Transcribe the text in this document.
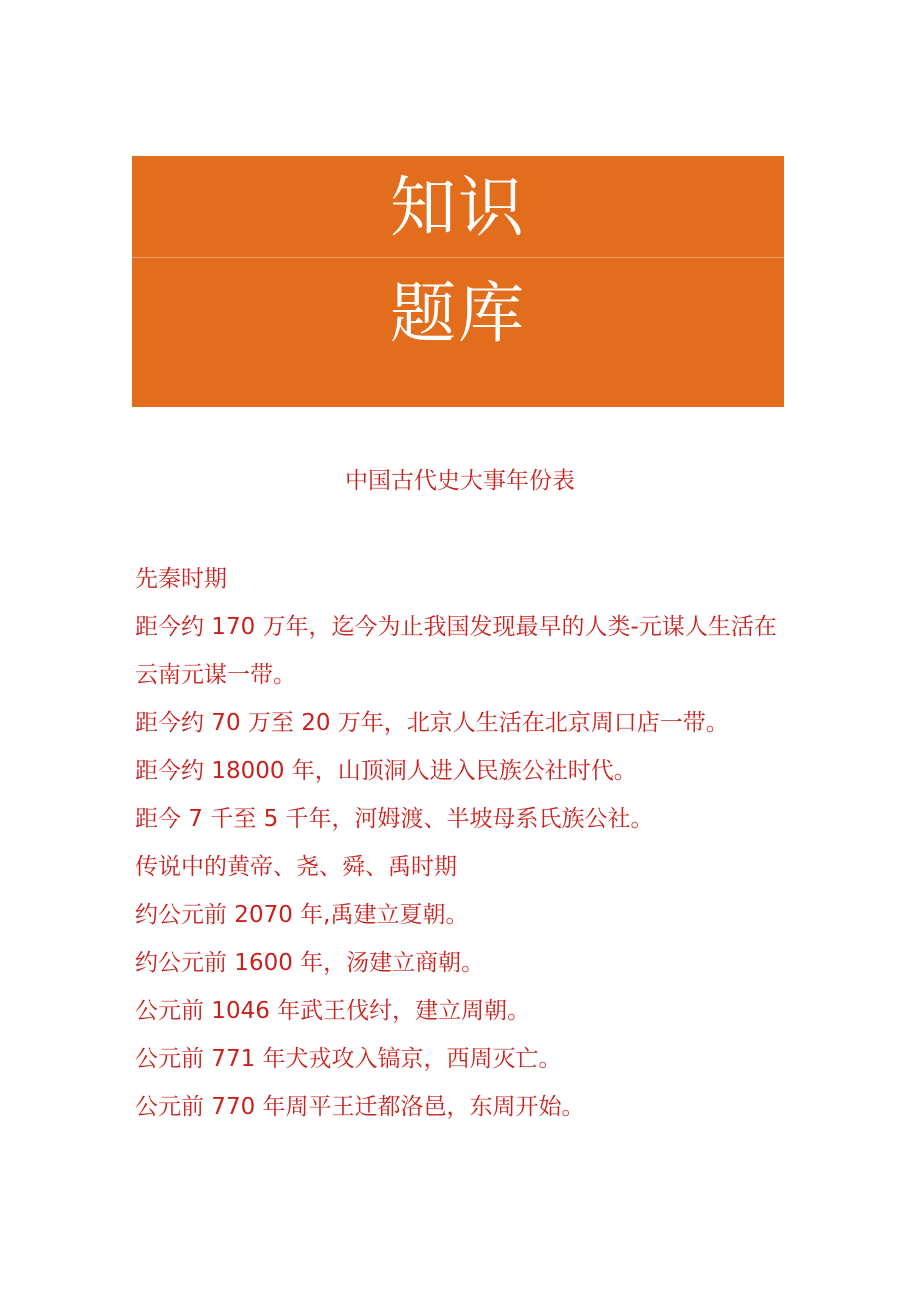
知识
题库
中国古代史大事年份表

先秦时期

距今约 170 万年，迄今为止我国发现最早的人类-元谋人生活在云南元谋一带。

距今约 70 万至 20 万年，北京人生活在北京周口店一带。

距今约 18000 年，山顶洞人进入民族公社时代。

距今 7 千至 5 千年，河姆渡、半坡母系氏族公社。

传说中的黄帝、尧、舜、禹时期

约公元前 2070 年,禹建立夏朝。

约公元前 1600 年，汤建立商朝。

公元前 1046 年武王伐纣，建立周朝。

公元前 771 年犬戎攻入镐京，西周灭亡。

公元前 770 年周平王迁都洛邑，东周开始。
